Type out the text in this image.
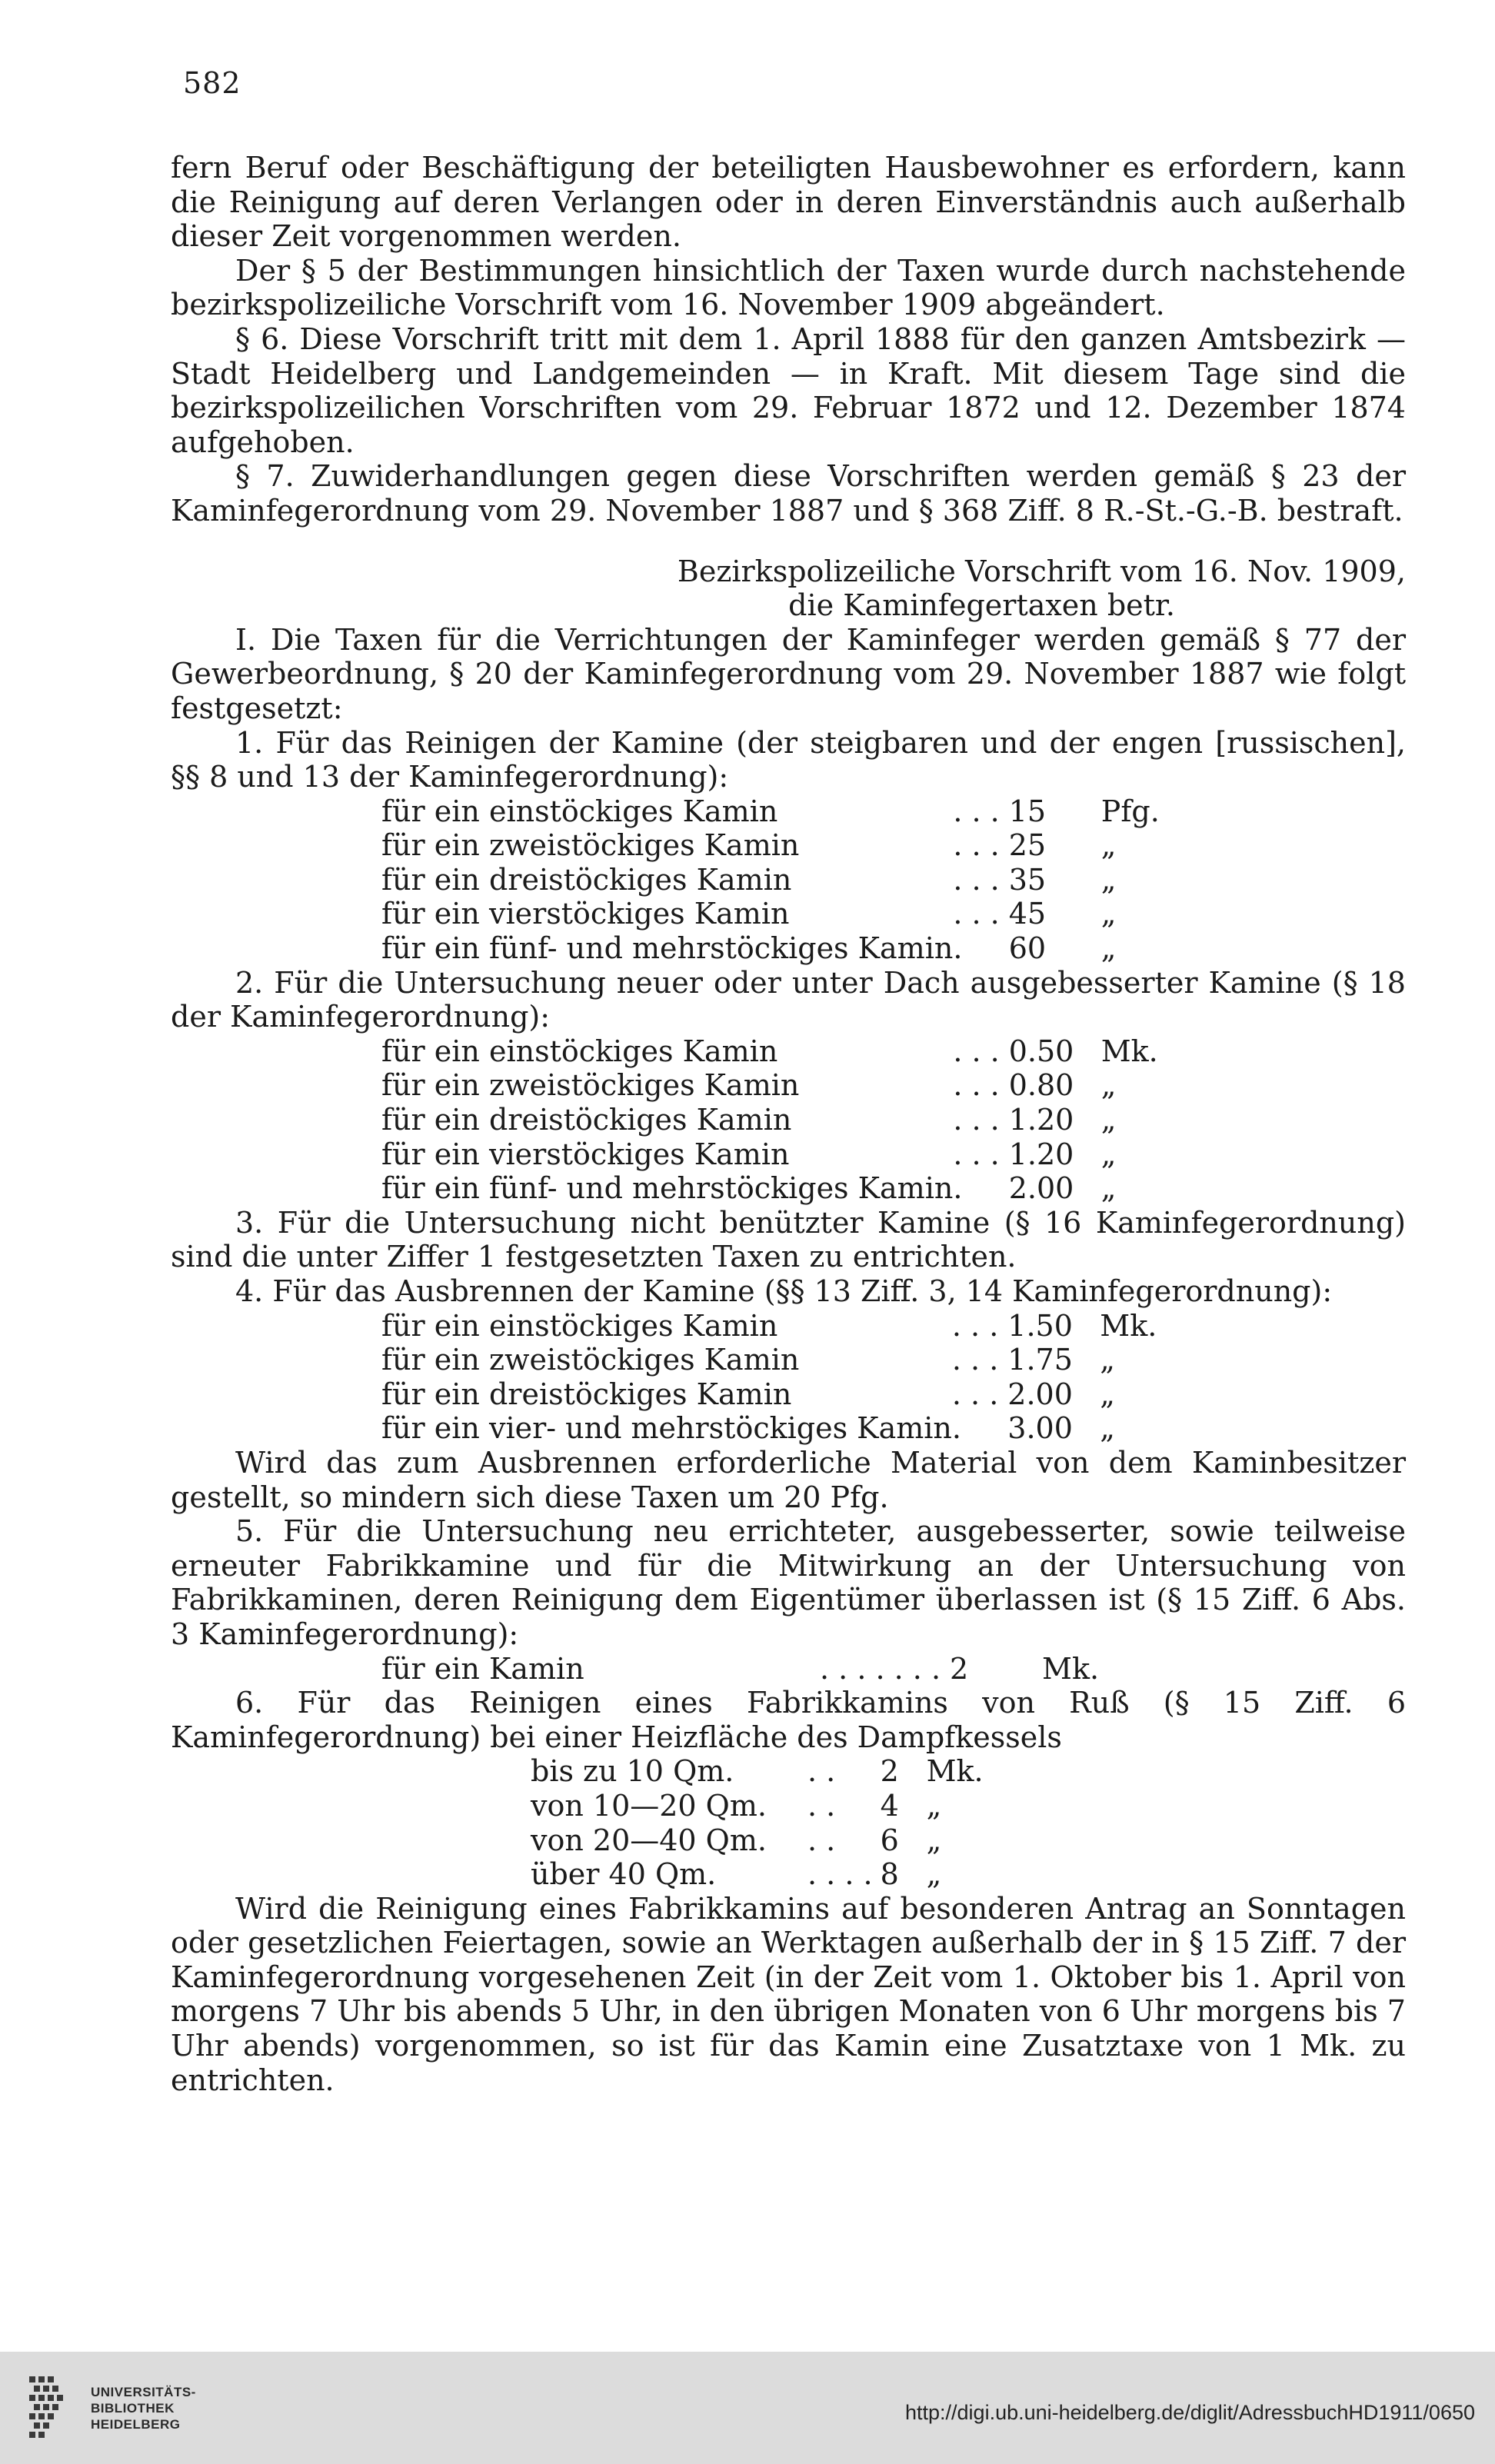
582

fern Beruf oder Beschäftigung der beteiligten Hausbewohner es erfordern, kann die Reinigung auf deren Verlangen oder in deren Einverständnis auch außerhalb dieser Zeit vorgenommen werden.

Der § 5 der Bestimmungen hinsichtlich der Taxen wurde durch nachstehende bezirkspolizeiliche Vorschrift vom 16. November 1909 abgeändert.

§ 6. Diese Vorschrift tritt mit dem 1. April 1888 für den ganzen Amtsbezirk — Stadt Heidelberg und Landgemeinden — in Kraft. Mit diesem Tage sind die bezirkspolizeilichen Vorschriften vom 29. Februar 1872 und 12. Dezember 1874 aufgehoben.

§ 7. Zuwiderhandlungen gegen diese Vorschriften werden gemäß § 23 der Kaminfegerordnung vom 29. November 1887 und § 368 Ziff. 8 R.-St.-G.-B. bestraft.

Bezirkspolizeiliche Vorschrift vom 16. Nov. 1909,

die Kaminfegertaxen betr.

I. Die Taxen für die Verrichtungen der Kaminfeger werden gemäß § 77 der Gewerbeordnung, § 20 der Kaminfegerordnung vom 29. November 1887 wie folgt festgesetzt:

1. Für das Reinigen der Kamine (der steigbaren und der engen [russischen], §§ 8 und 13 der Kaminfegerordnung):

für ein einstöckiges Kamin	. . .	15	Pfg.
für ein zweistöckiges Kamin	. . .	25	„
für ein dreistöckiges Kamin	. . .	35	„
für ein vierstöckiges Kamin	. . .	45	„
für ein fünf- und mehrstöckiges Kamin	.	60	„

2. Für die Untersuchung neuer oder unter Dach ausgebesserter Kamine (§ 18 der Kaminfegerordnung):

für ein einstöckiges Kamin	. . .	0.50	Mk.
für ein zweistöckiges Kamin	. . .	0.80	„
für ein dreistöckiges Kamin	. . .	1.20	„
für ein vierstöckiges Kamin	. . .	1.20	„
für ein fünf- und mehrstöckiges Kamin	.	2.00	„

3. Für die Untersuchung nicht benützter Kamine (§ 16 Kaminfegerordnung) sind die unter Ziffer 1 festgesetzten Taxen zu entrichten.

4. Für das Ausbrennen der Kamine (§§ 13 Ziff. 3, 14 Kaminfegerordnung):

für ein einstöckiges Kamin	. . .	1.50	Mk.
für ein zweistöckiges Kamin	. . .	1.75	„
für ein dreistöckiges Kamin	. . .	2.00	„
für ein vier- und mehrstöckiges Kamin	.	3.00	„

Wird das zum Ausbrennen erforderliche Material von dem Kaminbesitzer gestellt, so mindern sich diese Taxen um 20 Pfg.

5. Für die Untersuchung neu errichteter, ausgebesserter, sowie teilweise erneuter Fabrikkamine und für die Mitwirkung an der Untersuchung von Fabrikkaminen, deren Reinigung dem Eigentümer überlassen ist (§ 15 Ziff. 6 Abs. 3 Kaminfegerordnung):

für ein Kamin	. . . . . . .	2	Mk.

6. Für das Reinigen eines Fabrikkamins von Ruß (§ 15 Ziff. 6 Kaminfegerordnung) bei einer Heizfläche des Dampfkessels

bis zu 10 Qm.	. .	2	Mk.
von 10—20 Qm.	. .	4	„
von 20—40 Qm.	. .	6	„
über 40 Qm.	. . . .	8	„

Wird die Reinigung eines Fabrikkamins auf besonderen Antrag an Sonntagen oder gesetzlichen Feiertagen, sowie an Werktagen außerhalb der in § 15 Ziff. 7 der Kaminfegerordnung vorgesehenen Zeit (in der Zeit vom 1. Oktober bis 1. April von morgens 7 Uhr bis abends 5 Uhr, in den übrigen Monaten von 6 Uhr morgens bis 7 Uhr abends) vorgenommen, so ist für das Kamin eine Zusatztaxe von 1 Mk. zu entrichten.

UNIVERSITÄTS-
BIBLIOTHEK
HEIDELBERG
http://digi.ub.uni-heidelberg.de/diglit/AdressbuchHD1911/0650
